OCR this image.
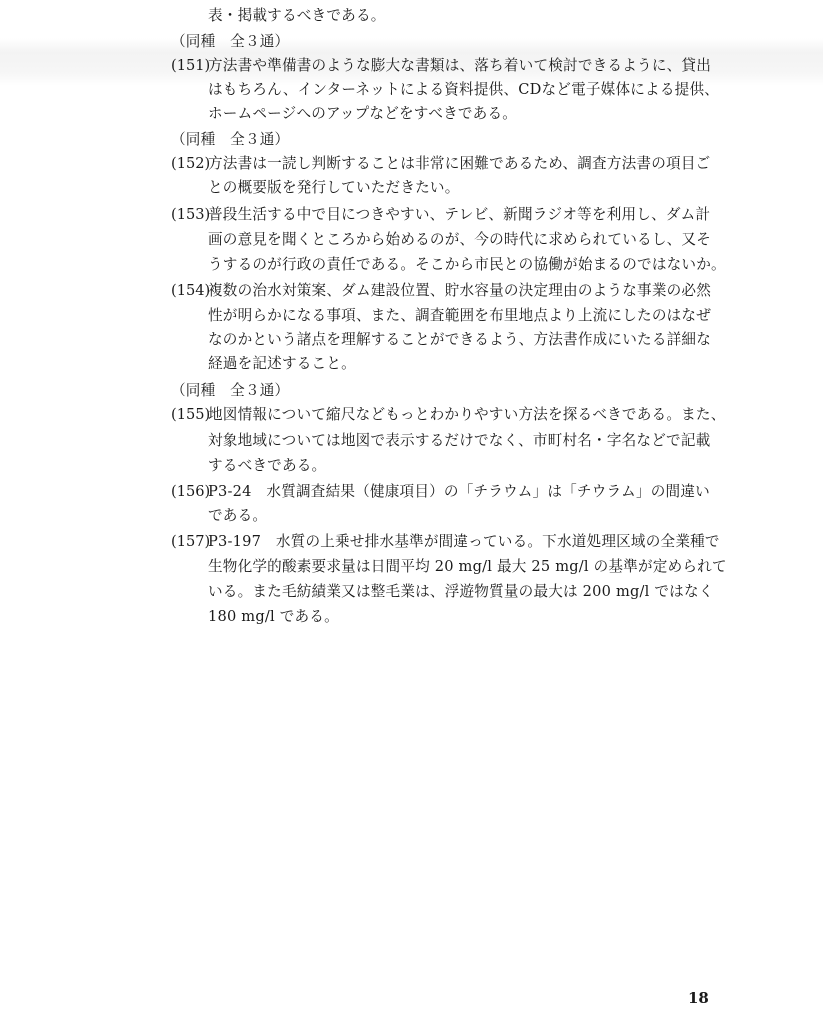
表・掲載するべきである。
（同種　全３通）
(151)
方法書や準備書のような膨大な書類は、落ち着いて検討できるように、貸出
はもちろん、インターネットによる資料提供、CDなど電子媒体による提供、
ホームページへのアップなどをすべきである。
（同種　全３通）
(152)
方法書は一読し判断することは非常に困難であるため、調査方法書の項目ご
との概要版を発行していただきたい。
(153)
普段生活する中で目につきやすい、テレビ、新聞ラジオ等を利用し、ダム計
画の意見を聞くところから始めるのが、今の時代に求められているし、又そ
うするのが行政の責任である。そこから市民との協働が始まるのではないか。
(154)
複数の治水対策案、ダム建設位置、貯水容量の決定理由のような事業の必然
性が明らかになる事項、また、調査範囲を布里地点より上流にしたのはなぜ
なのかという諸点を理解することができるよう、方法書作成にいたる詳細な
経過を記述すること。
（同種　全３通）
(155)
地図情報について縮尺などもっとわかりやすい方法を探るべきである。また、
対象地域については地図で表示するだけでなく、市町村名・字名などで記載
するべきである。
(156)
P3-24　水質調査結果（健康項目）の「チラウム」は「チウラム」の間違い
である。
(157)
P3-197　水質の上乗せ排水基準が間違っている。下水道処理区域の全業種で
生物化学的酸素要求量は日間平均 20 mg/l 最大 25 mg/l の基準が定められて
いる。また毛紡績業又は整毛業は、浮遊物質量の最大は 200 mg/l ではなく
180 mg/l である。
18
